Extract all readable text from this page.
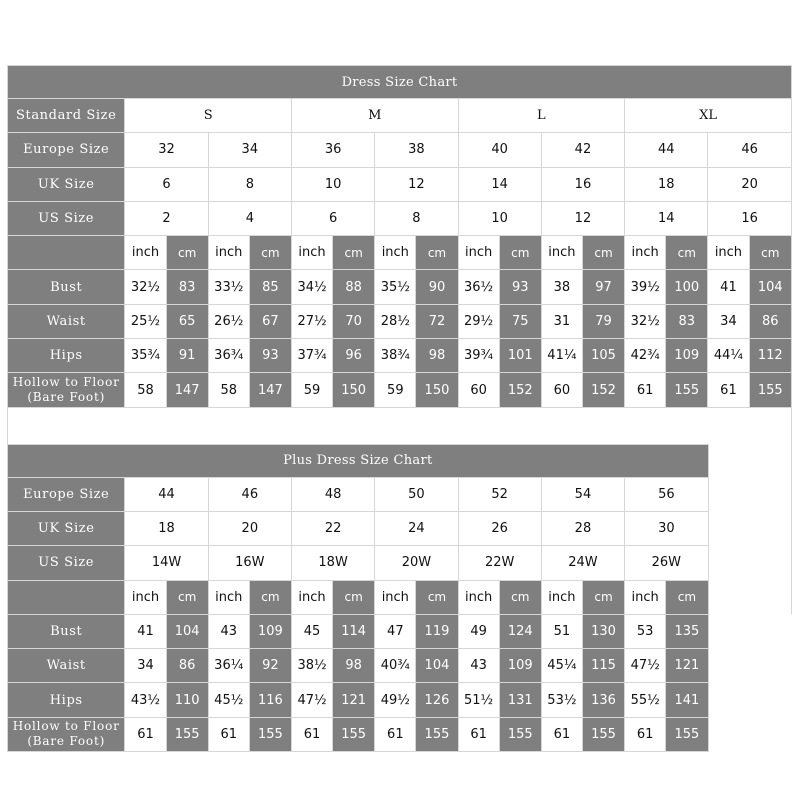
Dress Size Chart																
Standard Size	S				M				L				XL			
Europe Size	32		34		36		38		40		42		44		46	
UK Size	6		8		10		12		14		16		18		20	
US Size	2		4		6		8		10		12		14		16	
	inch	cm	inch	cm	inch	cm	inch	cm	inch	cm	inch	cm	inch	cm	inch	cm
Bust	32½	83	33½	85	34½	88	35½	90	36½	93	38	97	39½	100	41	104
Waist	25½	65	26½	67	27½	70	28½	72	29½	75	31	79	32½	83	34	86
Hips	35¾	91	36¾	93	37¾	96	38¾	98	39¾	101	41¼	105	42¾	109	44¼	112

Hollow to Floor
(Bare Foot)	58	147	58	147	59	150	59	150	60	152	60	152	61	155	61	155
Plus Dress Size Chart															
Europe Size	44		46		48		50		52		54		56		
UK Size	18		20		22		24		26		28		30		
US Size	14W		16W		18W		20W		22W		24W		26W		
	inch	cm	inch	cm	inch	cm	inch	cm	inch	cm	inch	cm	inch	cm	
Bust	41	104	43	109	45	114	47	119	49	124	51	130	53	135	
Waist	34	86	36¼	92	38½	98	40¾	104	43	109	45¼	115	47½	121	
Hips	43½	110	45½	116	47½	121	49½	126	51½	131	53½	136	55½	141	

Hollow to Floor
(Bare Foot)	61	155	61	155	61	155	61	155	61	155	61	155	61	155	
